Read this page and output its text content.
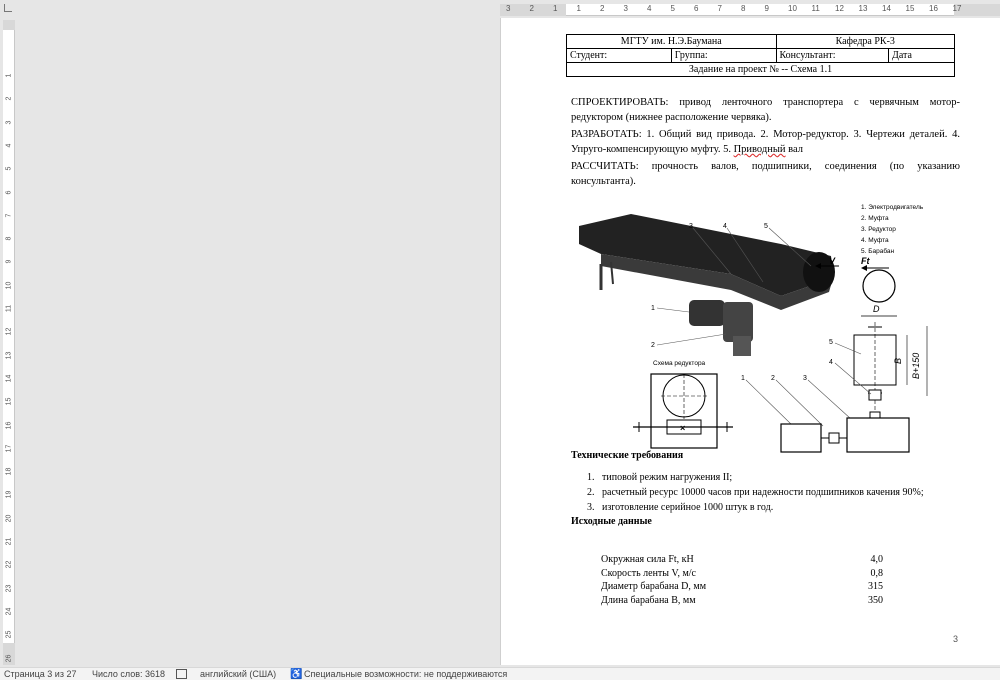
3 2 1 1 2 3 4 5 6 7 8 9 10 11 12 13 14 15 16 17
1
2
3
4
5
6
7
8
9
10
11
12
13
14
15
16
17
18
19
20
21
22
23
24
25
26
МГТУ им. Н.Э.Баумана		Кафедра РК-3	
Студент:	Группа:	Консультант:	Дата
Задание на проект № -- Схема 1.1			
СПРОЕКТИРОВАТЬ: привод ленточного транспортера с червячным мотор-редуктором (нижнее расположение червяка).
РАЗРАБОТАТЬ: 1. Общий вид привода. 2. Мотор-редуктор. 3. Чертежи деталей. 4. Упруго-компенсирующую муфту. 5. Приводный вал
РАССЧИТАТЬ: прочность валов, подшипники, соединения (по указанию консультанта).
3	4	5
1
2
1. Электродвигатель
2. Муфта
3. Редуктор
4. Муфта
5. Барабан
V	Ft
D
B B+150
5
4
Схема редуктора
×
1	2	3
Технические требования
1. типовой режим нагружения II;
2. расчетный ресурс 10000 часов при надежности подшипников качения 90%;
3. изготовление серийное 1000 штук в год.
Исходные данные
Окружная сила Ft, кН	4,0
Скорость ленты V, м/с	0,8
Диаметр барабана D, мм	315
Длина барабана B, мм	350
3
Страница 3 из 27 Число слов: 3618	английский (США) ♿ Специальные возможности: не поддерживаются
